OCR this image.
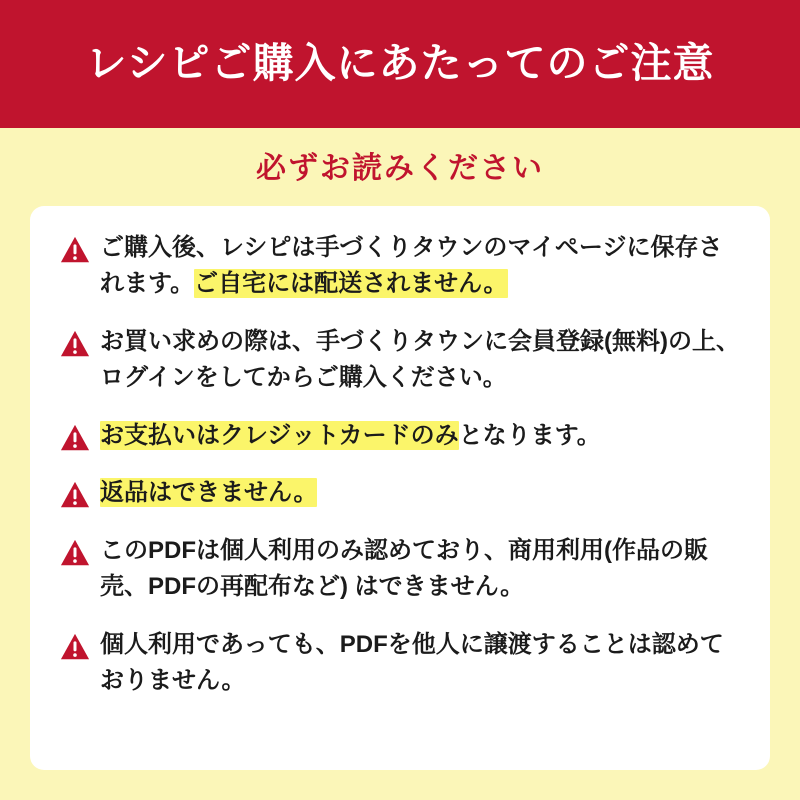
レシピご購入にあたってのご注意
必ずお読みください
ご購入後、レシピは手づくりタウンのマイページに保存されます。ご自宅には配送されません。
お買い求めの際は、手づくりタウンに会員登録(無料)の上、ログインをしてからご購入ください。
お支払いはクレジットカードのみとなります。
返品はできません。
このPDFは個人利用のみ認めており、商用利用(作品の販売、PDFの再配布など) はできません。
個人利用であっても、PDFを他人に譲渡することは認めておりません。
